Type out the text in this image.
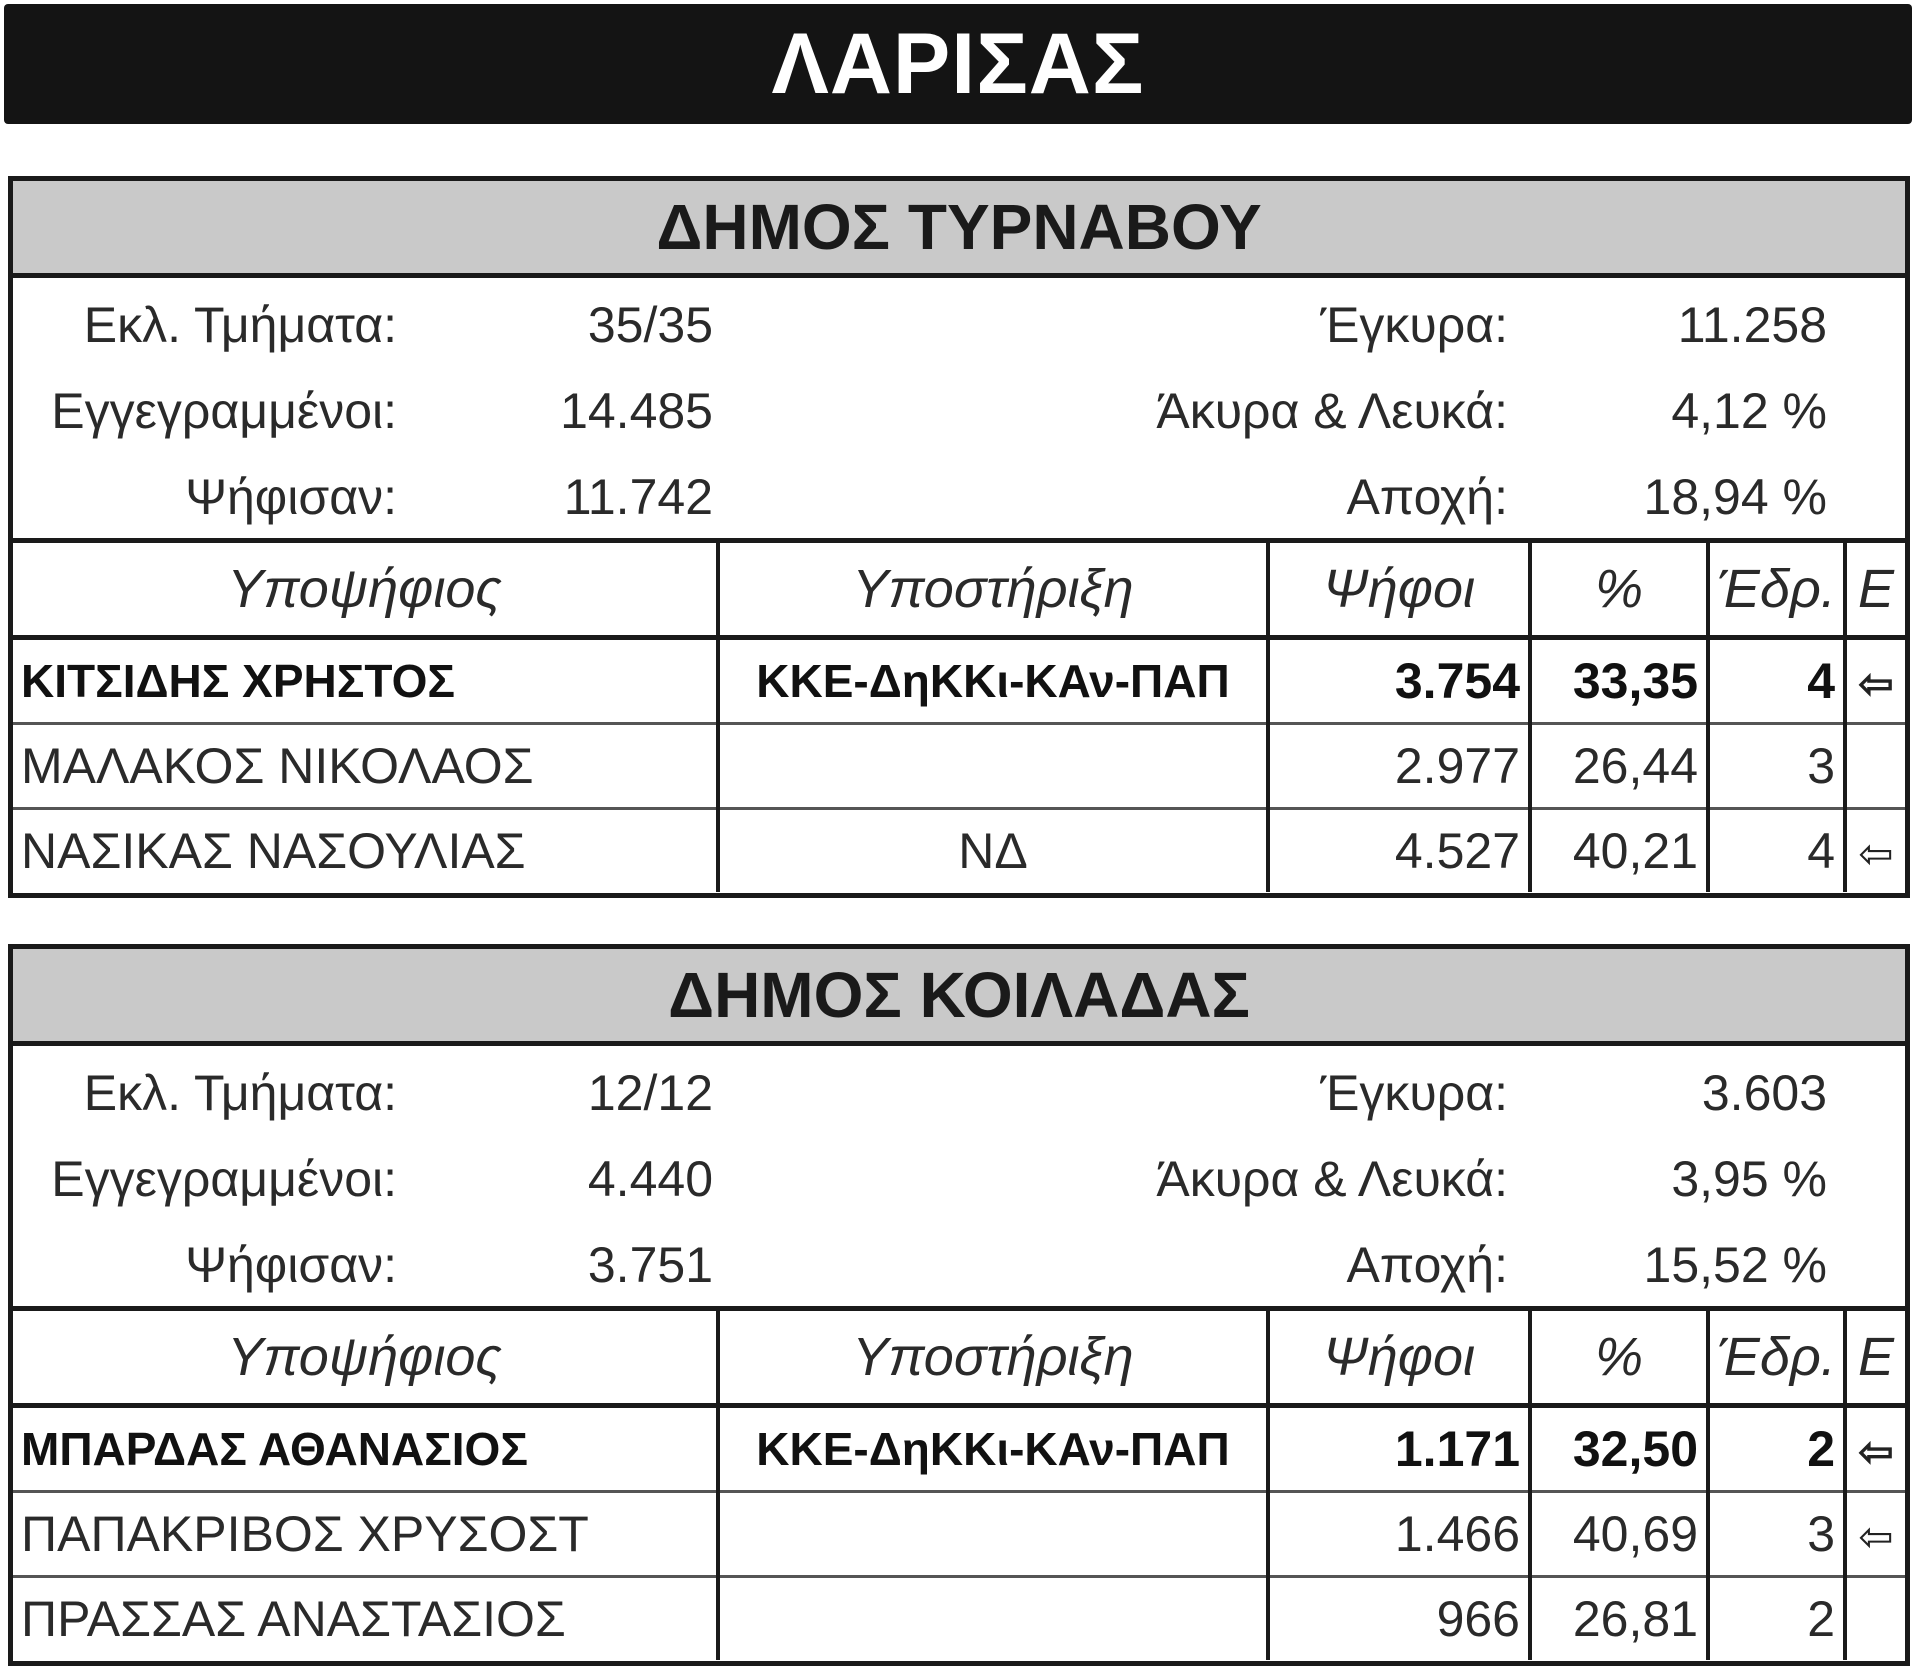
ΛΑΡΙΣΑΣ
ΔΗΜΟΣ ΤΥΡΝΑΒΟΥ
Εκλ. Τμήματα:	35/35
Εγγεγραμμένοι:	14.485
Ψήφισαν:	11.742
Έγκυρα:	11.258
Άκυρα & Λευκά:	4,12 %
Αποχή:	18,94 %
Υποψήφιος	Υποστήριξη	Ψήφοι	%	Έδρ.	Ε
ΚΙΤΣΙΔΗΣ ΧΡΗΣΤΟΣ	ΚΚΕ-ΔηΚΚι-ΚΑν-ΠΑΠ	3.754	33,35	4	⇦
ΜΑΛΑΚΟΣ ΝΙΚΟΛΑΟΣ		2.977	26,44	3	
ΝΑΣΙΚΑΣ ΝΑΣΟΥΛΙΑΣ	ΝΔ	4.527	40,21	4	⇦
ΔΗΜΟΣ ΚΟΙΛΑΔΑΣ
Εκλ. Τμήματα:	12/12
Εγγεγραμμένοι:	4.440
Ψήφισαν:	3.751
Έγκυρα:	3.603
Άκυρα & Λευκά:	3,95 %
Αποχή:	15,52 %
Υποψήφιος	Υποστήριξη	Ψήφοι	%	Έδρ.	Ε
ΜΠΑΡΔΑΣ ΑΘΑΝΑΣΙΟΣ	ΚΚΕ-ΔηΚΚι-ΚΑν-ΠΑΠ	1.171	32,50	2	⇦
ΠΑΠΑΚΡΙΒΟΣ ΧΡΥΣΟΣΤ		1.466	40,69	3	⇦
ΠΡΑΣΣΑΣ ΑΝΑΣΤΑΣΙΟΣ		966	26,81	2	
